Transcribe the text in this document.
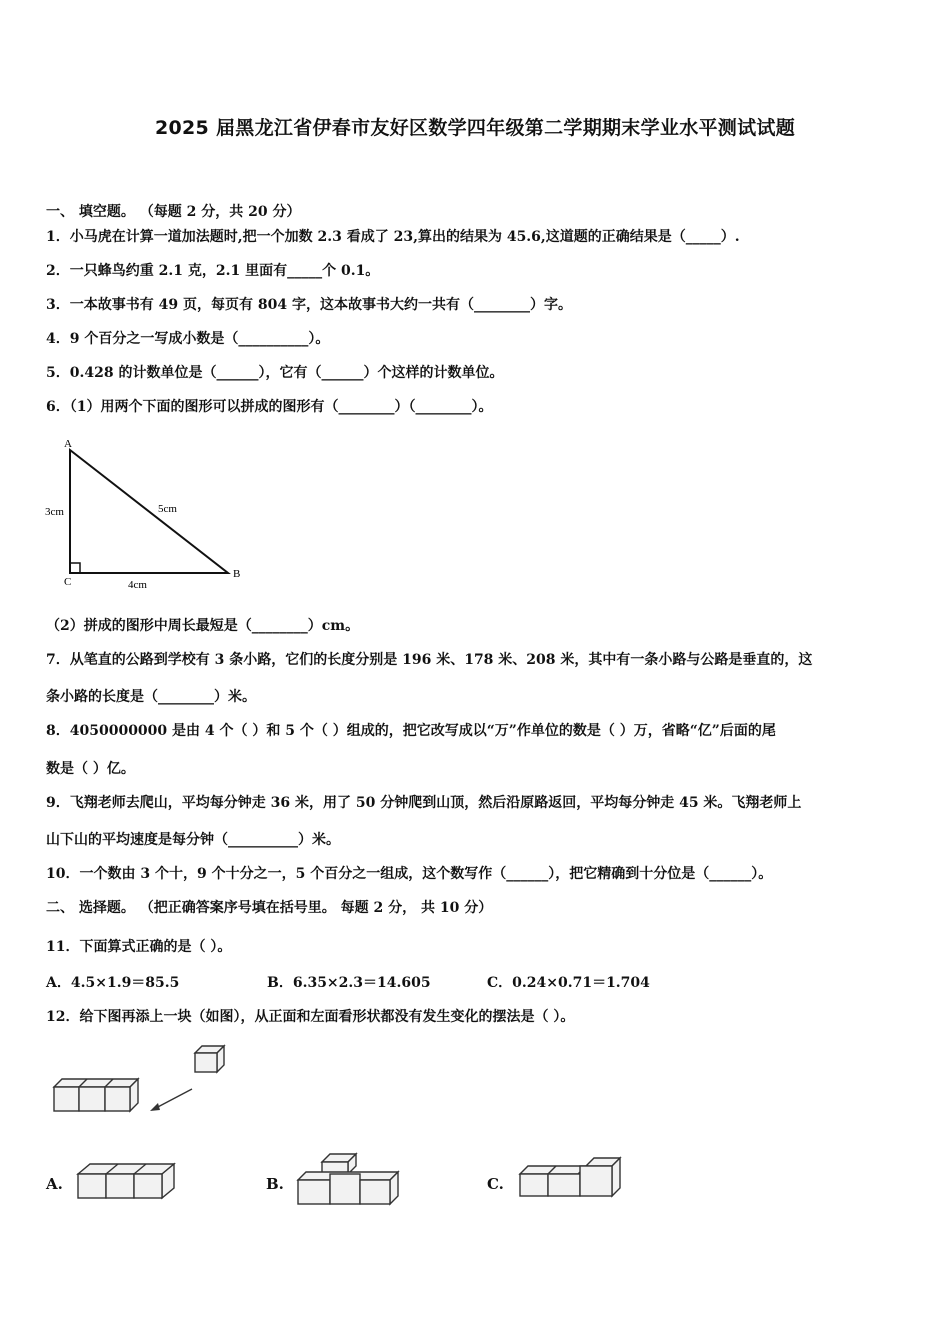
2025 届黑龙江省伊春市友好区数学四年级第二学期期末学业水平测试试题
一、 填空题。 （每题 2 分，共 20 分）
1．小马虎在计算一道加法题时,把一个加数 2.3 看成了 23,算出的结果为 45.6,这道题的正确结果是（_____）.
2．一只蜂鸟约重 2.1 克，2.1 里面有_____个 0.1。
3．一本故事书有 49 页，每页有 804 字，这本故事书大约一共有（________）字。
4．9 个百分之一写成小数是（__________）。
5．0.428 的计数单位是（______），它有（______）个这样的计数单位。
6．（1）用两个下面的图形可以拼成的图形有（________）（________）。
A
B
C
3cm	5cm
4cm
（2）拼成的图形中周长最短是（________）cm。
7．从笔直的公路到学校有 3 条小路，它们的长度分别是 196 米、178 米、208 米，其中有一条小路与公路是垂直的，这
条小路的长度是（________）米。
8．4050000000 是由 4 个（ ）和 5 个（ ）组成的，把它改写成以“万”作单位的数是（ ）万，省略“亿”后面的尾
数是（ ）亿。
9．飞翔老师去爬山，平均每分钟走 36 米，用了 50 分钟爬到山顶，然后沿原路返回，平均每分钟走 45 米。飞翔老师上
山下山的平均速度是每分钟（__________）米。
10．一个数由 3 个十，9 个十分之一，5 个百分之一组成，这个数写作（______），把它精确到十分位是（______）。
二、 选择题。 （把正确答案序号填在括号里。 每题 2 分， 共 10 分）
11．下面算式正确的是（ ）。
A．4.5×1.9＝85.5	B．6.35×2.3＝14.605	C．0.24×0.71＝1.704
12．给下图再添上一块（如图），从正面和左面看形状都没有发生变化的摆法是（ ）。
A.	B.	C.
